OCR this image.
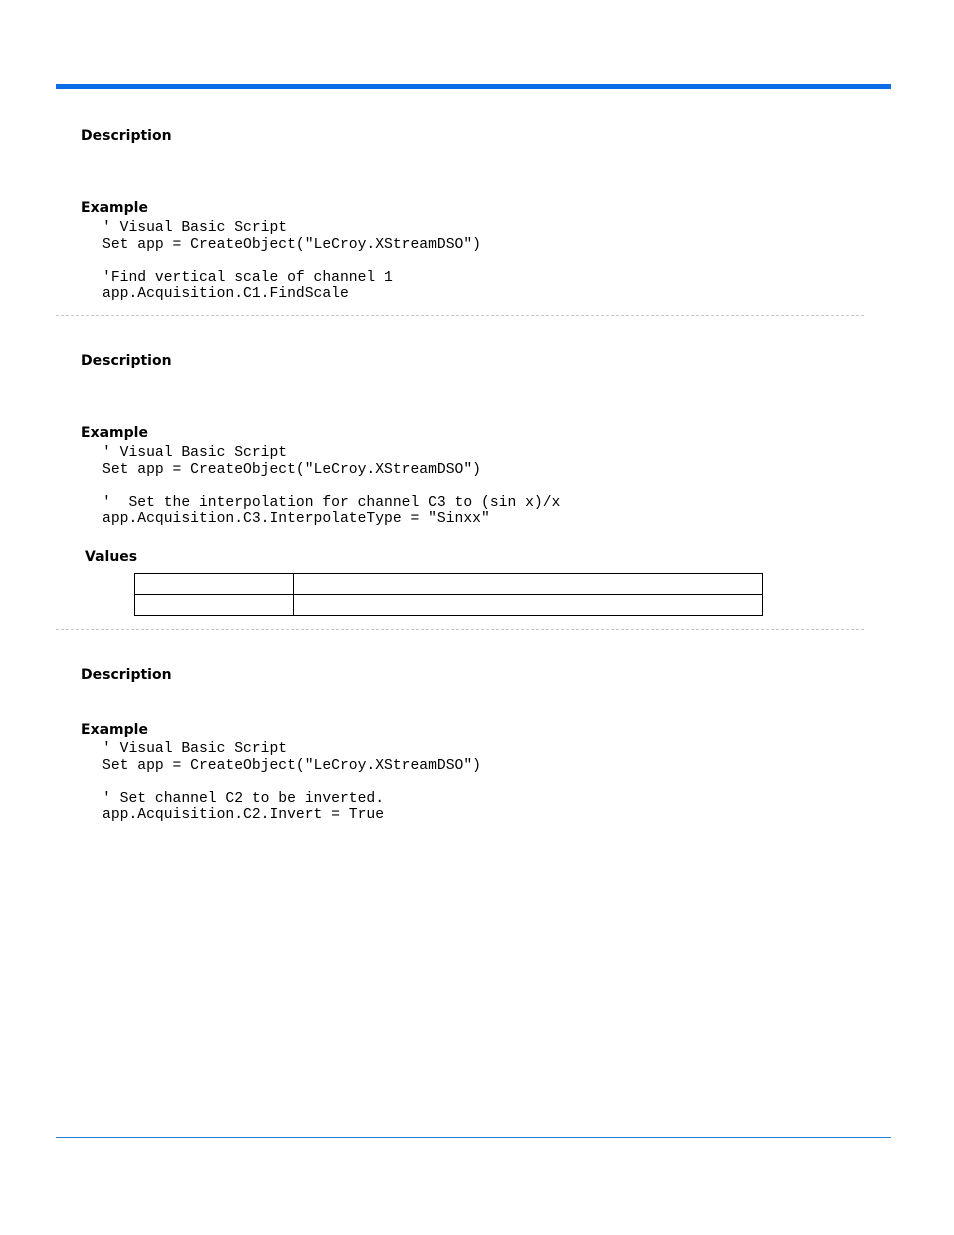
Description
Example
' Visual Basic Script
Set app = CreateObject("LeCroy.XStreamDSO")
'Find vertical scale of channel 1
app.Acquisition.C1.FindScale
Description
Example
' Visual Basic Script
Set app = CreateObject("LeCroy.XStreamDSO")
'  Set the interpolation for channel C3 to (sin x)/x
app.Acquisition.C3.InterpolateType = "Sinxx"
Values

Description
Example
' Visual Basic Script
Set app = CreateObject("LeCroy.XStreamDSO")
' Set channel C2 to be inverted.
app.Acquisition.C2.Invert = True
